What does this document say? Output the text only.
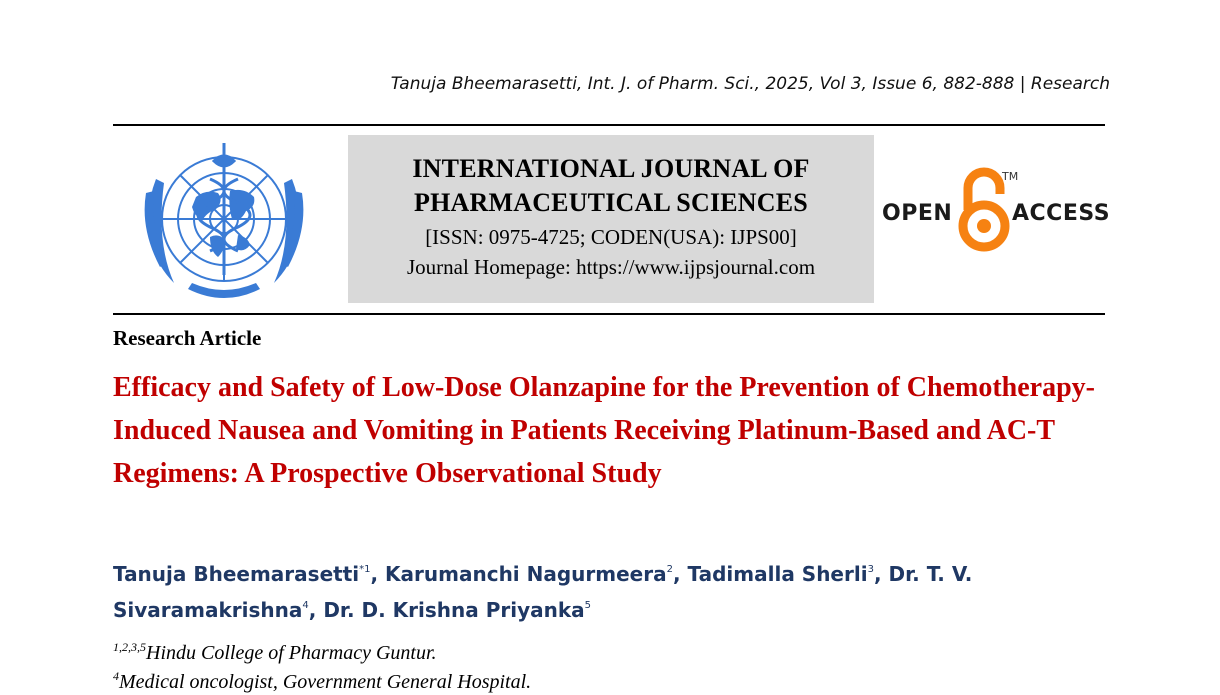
Tanuja Bheemarasetti, Int. J. of Pharm. Sci., 2025, Vol 3, Issue 6, 882-888 | Research
INTERNATIONAL JOURNAL OF
PHARMACEUTICAL SCIENCES
[ISSN: 0975-4725; CODEN(USA): IJPS00]
Journal Homepage: https://www.ijpsjournal.com
OPEN
TM
ACCESS
Research Article
Efficacy and Safety of Low-Dose Olanzapine for the Prevention of Chemotherapy-Induced Nausea and Vomiting in Patients Receiving Platinum-Based and AC-T Regimens: A Prospective Observational Study
Tanuja Bheemarasetti$^{*1}$, Karumanchi Nagurmeera$^2$, Tadimalla Sherli$^3$, Dr. T. V. Sivaramakrishna$^4$, Dr. D. Krishna Priyanka$^5$
$^{1,2,3,5}$Hindu College of Pharmacy Guntur.
$^4$Medical oncologist, Government General Hospital.
